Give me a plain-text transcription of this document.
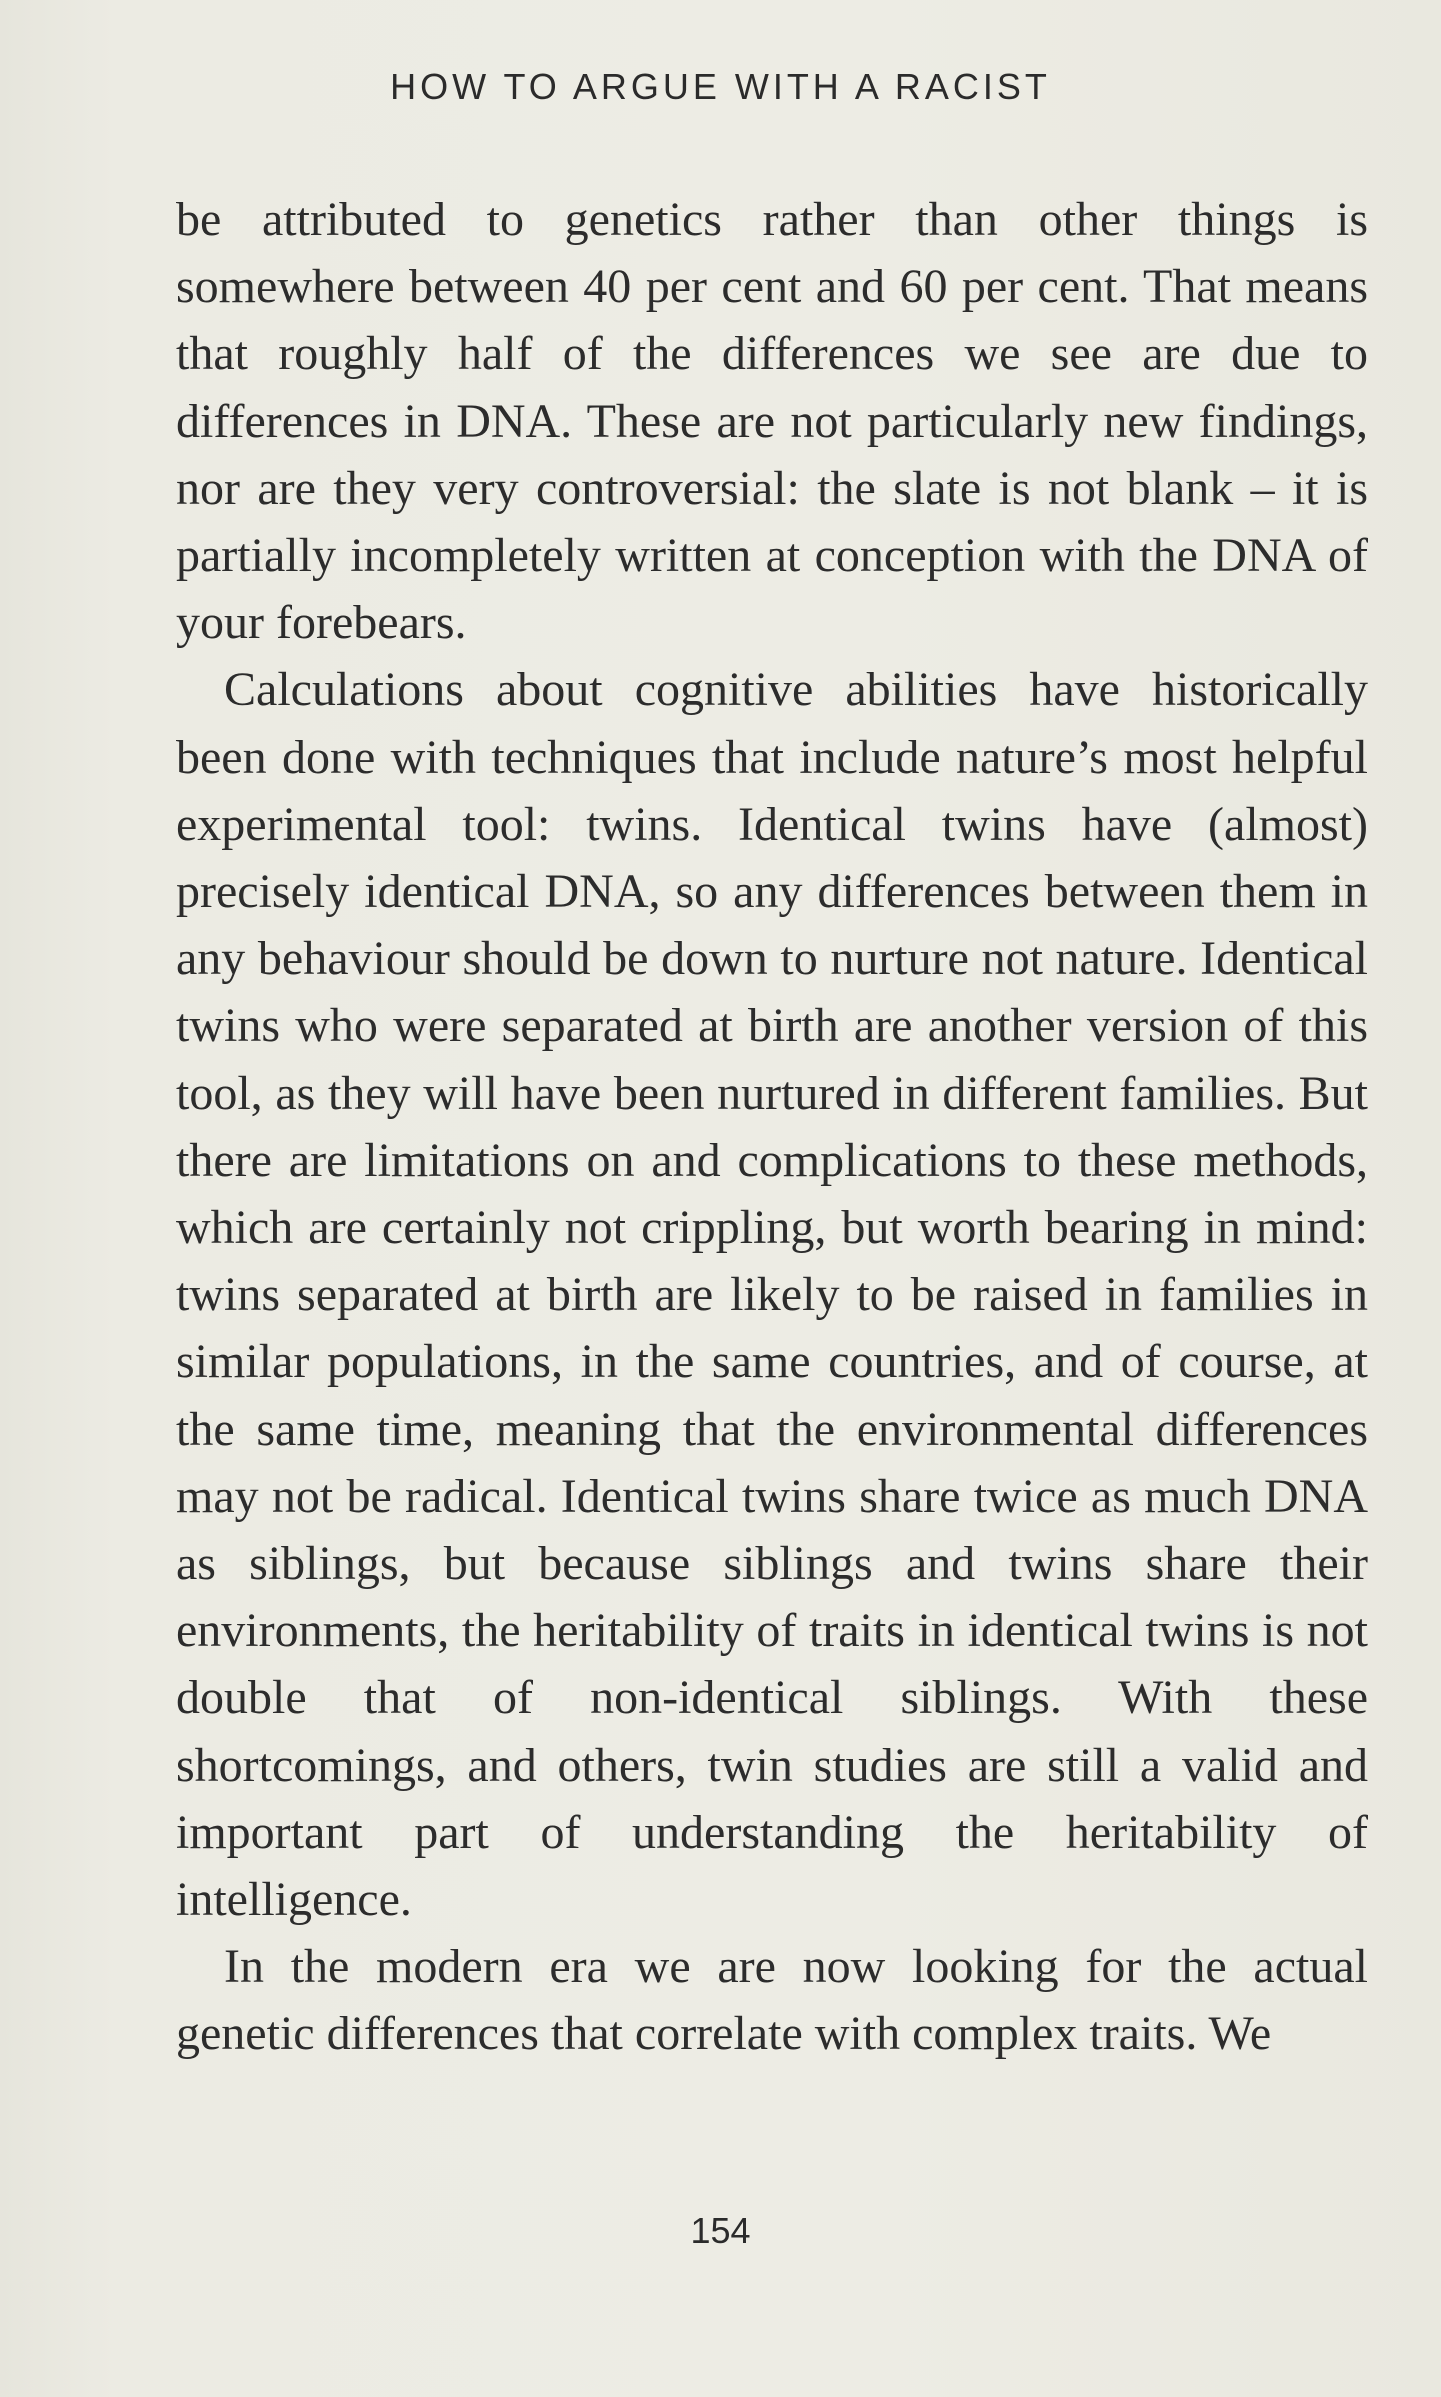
HOW TO ARGUE WITH A RACIST

be attributed to genetics rather than other things is somewhere between 40 per cent and 60 per cent. That means that roughly half of the differences we see are due to differences in DNA. These are not particularly new findings, nor are they very controversial: the slate is not blank – it is partially incompletely written at conception with the DNA of your forebears.

Calculations about cognitive abilities have historically been done with techniques that include nature’s most helpful experimental tool: twins. Identical twins have (almost) precisely identical DNA, so any differences between them in any behaviour should be down to nurture not nature. Identical twins who were separated at birth are another version of this tool, as they will have been nurtured in different families. But there are limitations on and complications to these methods, which are certainly not crippling, but worth bearing in mind: twins separated at birth are likely to be raised in families in similar populations, in the same countries, and of course, at the same time, meaning that the environmental differences may not be radical. Identical twins share twice as much DNA as siblings, but because siblings and twins share their environments, the heritability of traits in identical twins is not double that of non-identical siblings. With these shortcomings, and others, twin studies are still a valid and important part of understanding the heritability of intelligence.

In the modern era we are now looking for the actual genetic differences that correlate with complex traits. We

154
